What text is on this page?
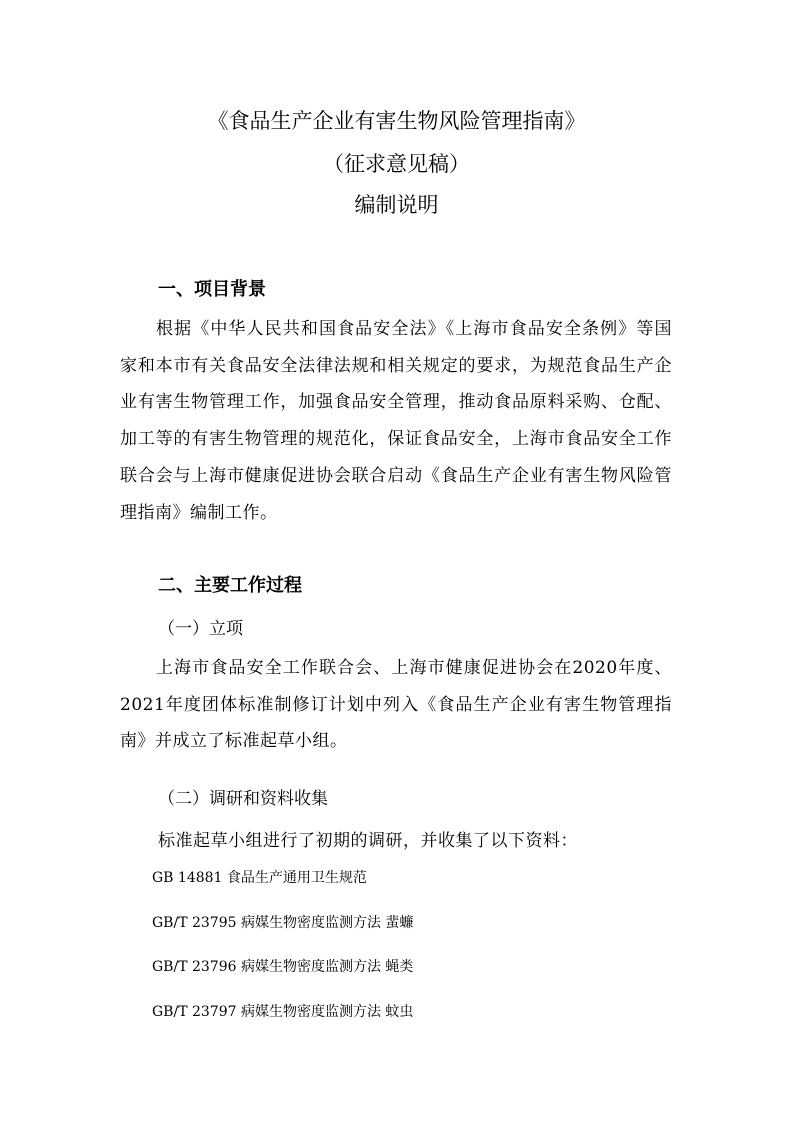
《食品生产企业有害生物风险管理指南》
（征求意见稿）
编制说明
一、项目背景
根据《中华人民共和国食品安全法》《上海市食品安全条例》等国家和本市有关食品安全法律法规和相关规定的要求，为规范食品生产企业有害生物管理工作，加强食品安全管理，推动食品原料采购、仓配、加工等的有害生物管理的规范化，保证食品安全，上海市食品安全工作联合会与上海市健康促进协会联合启动《食品生产企业有害生物风险管理指南》编制工作。
二、主要工作过程
（一）立项
上海市食品安全工作联合会、上海市健康促进协会在2020年度、2021年度团体标准制修订计划中列入《食品生产企业有害生物管理指南》并成立了标准起草小组。
（二）调研和资料收集
标准起草小组进行了初期的调研，并收集了以下资料：
GB 14881 食品生产通用卫生规范
GB/T 23795 病媒生物密度监测方法 蜚蠊
GB/T 23796 病媒生物密度监测方法 蝇类
GB/T 23797 病媒生物密度监测方法 蚊虫
